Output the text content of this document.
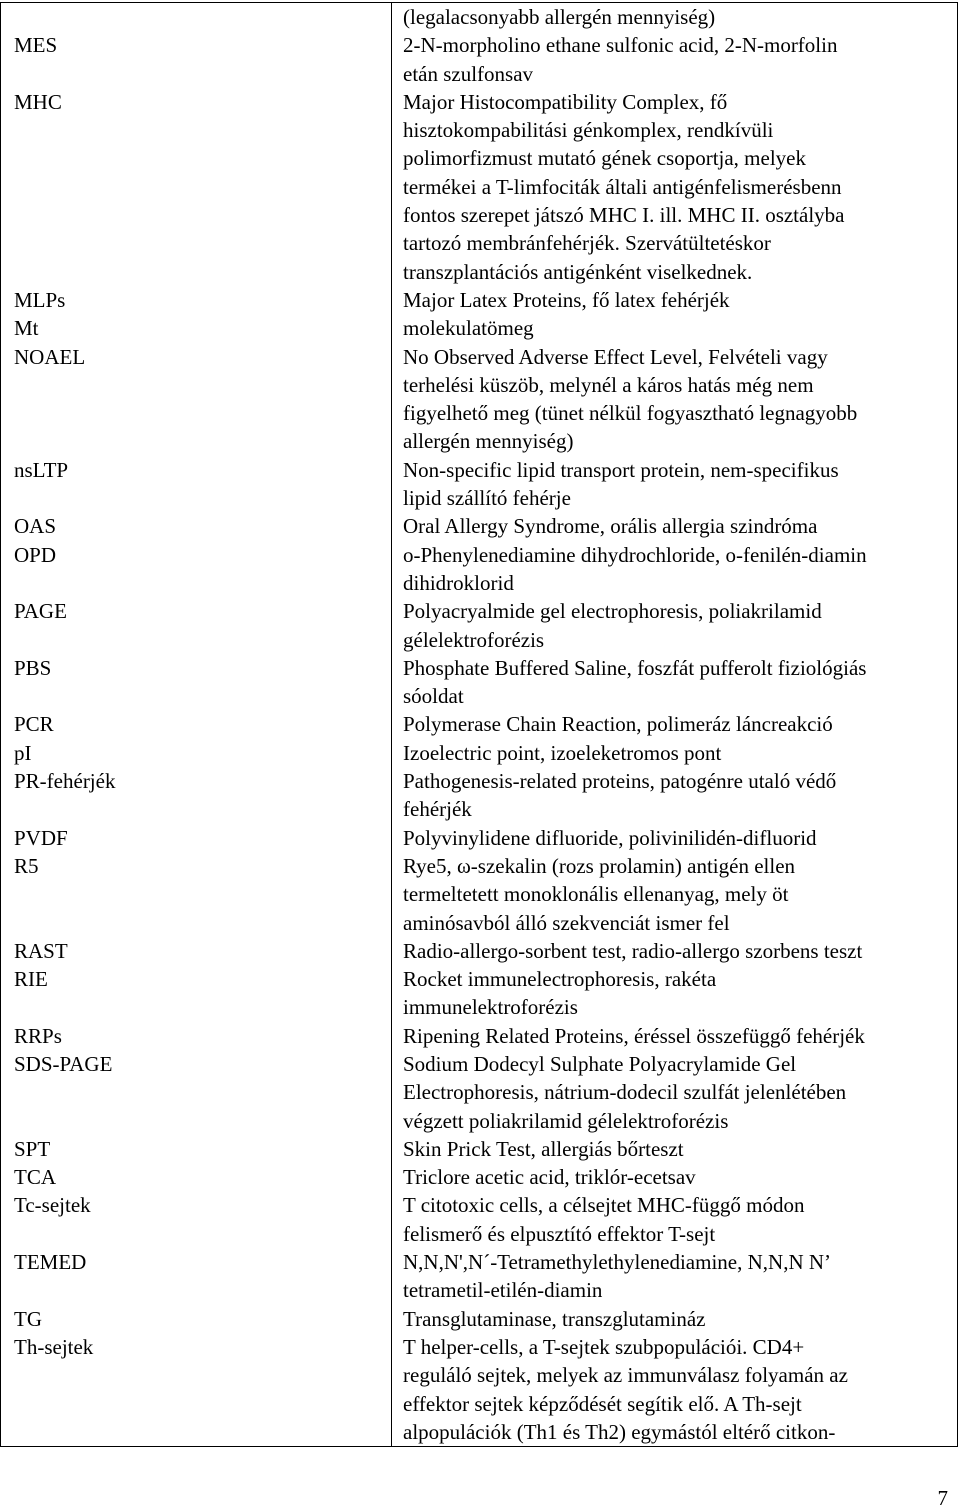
(legalacsonyabb allergén mennyiség)
MES	2-N-morpholino ethane sulfonic acid, 2-N-morfolin
etán szulfonsav
MHC	Major Histocompatibility Complex, fő
hisztokompabilitási génkomplex, rendkívüli
polimorfizmust mutató gének csoportja, melyek
termékei a T-limfociták általi antigénfelismerésbenn
fontos szerepet játszó MHC I. ill. MHC II. osztályba
tartozó membránfehérjék. Szervátültetéskor
transzplantációs antigénként viselkednek.
MLPs	Major Latex Proteins, fő latex fehérjék
Mt	molekulatömeg
NOAEL	No Observed Adverse Effect Level, Felvételi vagy
terhelési küszöb, melynél a káros hatás még nem
figyelhető meg (tünet nélkül fogyasztható legnagyobb
allergén mennyiség)
nsLTP	Non-specific lipid transport protein, nem-specifikus
lipid szállító fehérje
OAS	Oral Allergy Syndrome, orális allergia szindróma
OPD	o-Phenylenediamine dihydrochloride, o-fenilén-diamin
dihidroklorid
PAGE	Polyacryalmide gel electrophoresis, poliakrilamid
gélelektroforézis
PBS	Phosphate Buffered Saline, foszfát pufferolt fiziológiás
sóoldat
PCR	Polymerase Chain Reaction, polimeráz láncreakció
pI	Izoelectric point, izoeleketromos pont
PR-fehérjék	Pathogenesis-related proteins, patogénre utaló védő
fehérjék
PVDF	Polyvinylidene difluoride, polivinilidén-difluorid
R5	Rye5, ω-szekalin (rozs prolamin) antigén ellen
termeltetett monoklonális ellenanyag, mely öt
aminósavból álló szekvenciát ismer fel
RAST	Radio-allergo-sorbent test, radio-allergo szorbens teszt
RIE	Rocket immunelectrophoresis, rakéta
immunelektroforézis
RRPs	Ripening Related Proteins, éréssel összefüggő fehérjék
SDS-PAGE	Sodium Dodecyl Sulphate Polyacrylamide Gel
Electrophoresis, nátrium-dodecil szulfát jelenlétében
végzett poliakrilamid gélelektroforézis
SPT	Skin Prick Test, allergiás bőrteszt
TCA	Triclore acetic acid, triklór-ecetsav
Tc-sejtek	T citotoxic cells, a célsejtet MHC-függő módon
felismerő és elpusztító effektor T-sejt
TEMED	N,N,N',N´-Tetramethylethylenediamine, N,N,N N’
tetrametil-etilén-diamin
TG	Transglutaminase, transzglutamináz
Th-sejtek	T helper-cells, a T-sejtek szubpopulációi. CD4+
reguláló sejtek, melyek az immunválasz folyamán az
effektor sejtek képződését segítik elő. A Th-sejt
alpopulációk (Th1 és Th2) egymástól eltérő citkon-
7
